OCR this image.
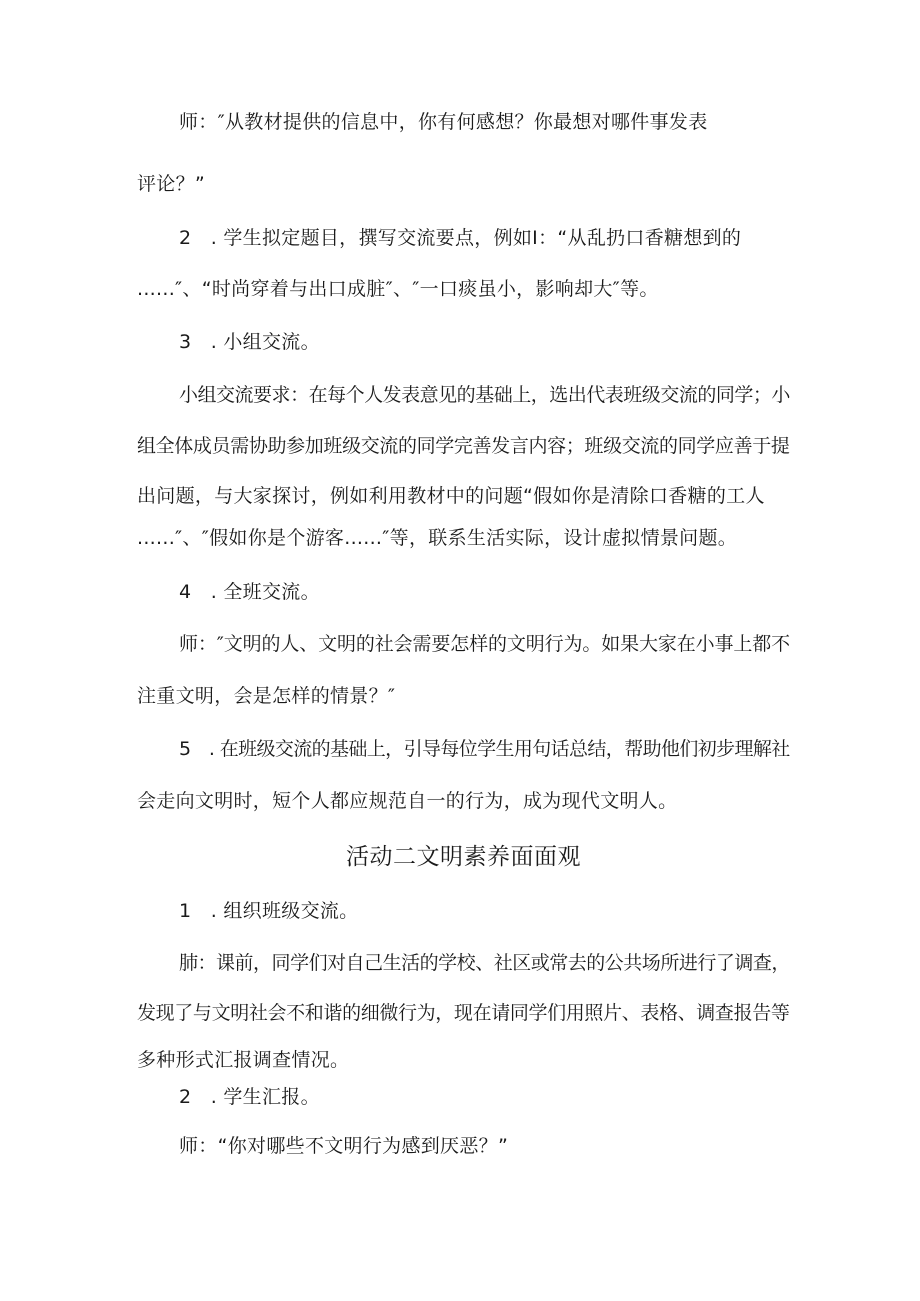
师：″从教材提供的信息中，你有何感想？你最想对哪件事发表
评论？”
2　. 学生拟定题目，撰写交流要点，例如I：“从乱扔口香糖想到的
......″、“时尚穿着与出口成脏″、″一口痰虽小，影响却大″等。
3　. 小组交流。
小组交流要求：在每个人发表意见的基础上，选出代表班级交流的同学；小
组全体成员需协助参加班级交流的同学完善发言内容；班级交流的同学应善于提
出问题，与大家探讨，例如利用教材中的问题“假如你是清除口香糖的工人
......″、″假如你是个游客......″等，联系生活实际，设计虚拟情景问题。
4　. 全班交流。
师：″文明的人、文明的社会需要怎样的文明行为。如果大家在小事上都不
注重文明，会是怎样的情景？″
5　. 在班级交流的基础上，引导每位学生用句话总结，帮助他们初步理解社
会走向文明时，短个人都应规范自一的行为，成为现代文明人。
活动二文明素养面面观
1　. 组织班级交流。
肺：课前，同学们对自己生活的学校、社区或常去的公共场所进行了调查，
发现了与文明社会不和谐的细微行为，现在请同学们用照片、表格、调查报告等
多种形式汇报调查情况。
2　. 学生汇报。
师：“你对哪些不文明行为感到厌恶？”
